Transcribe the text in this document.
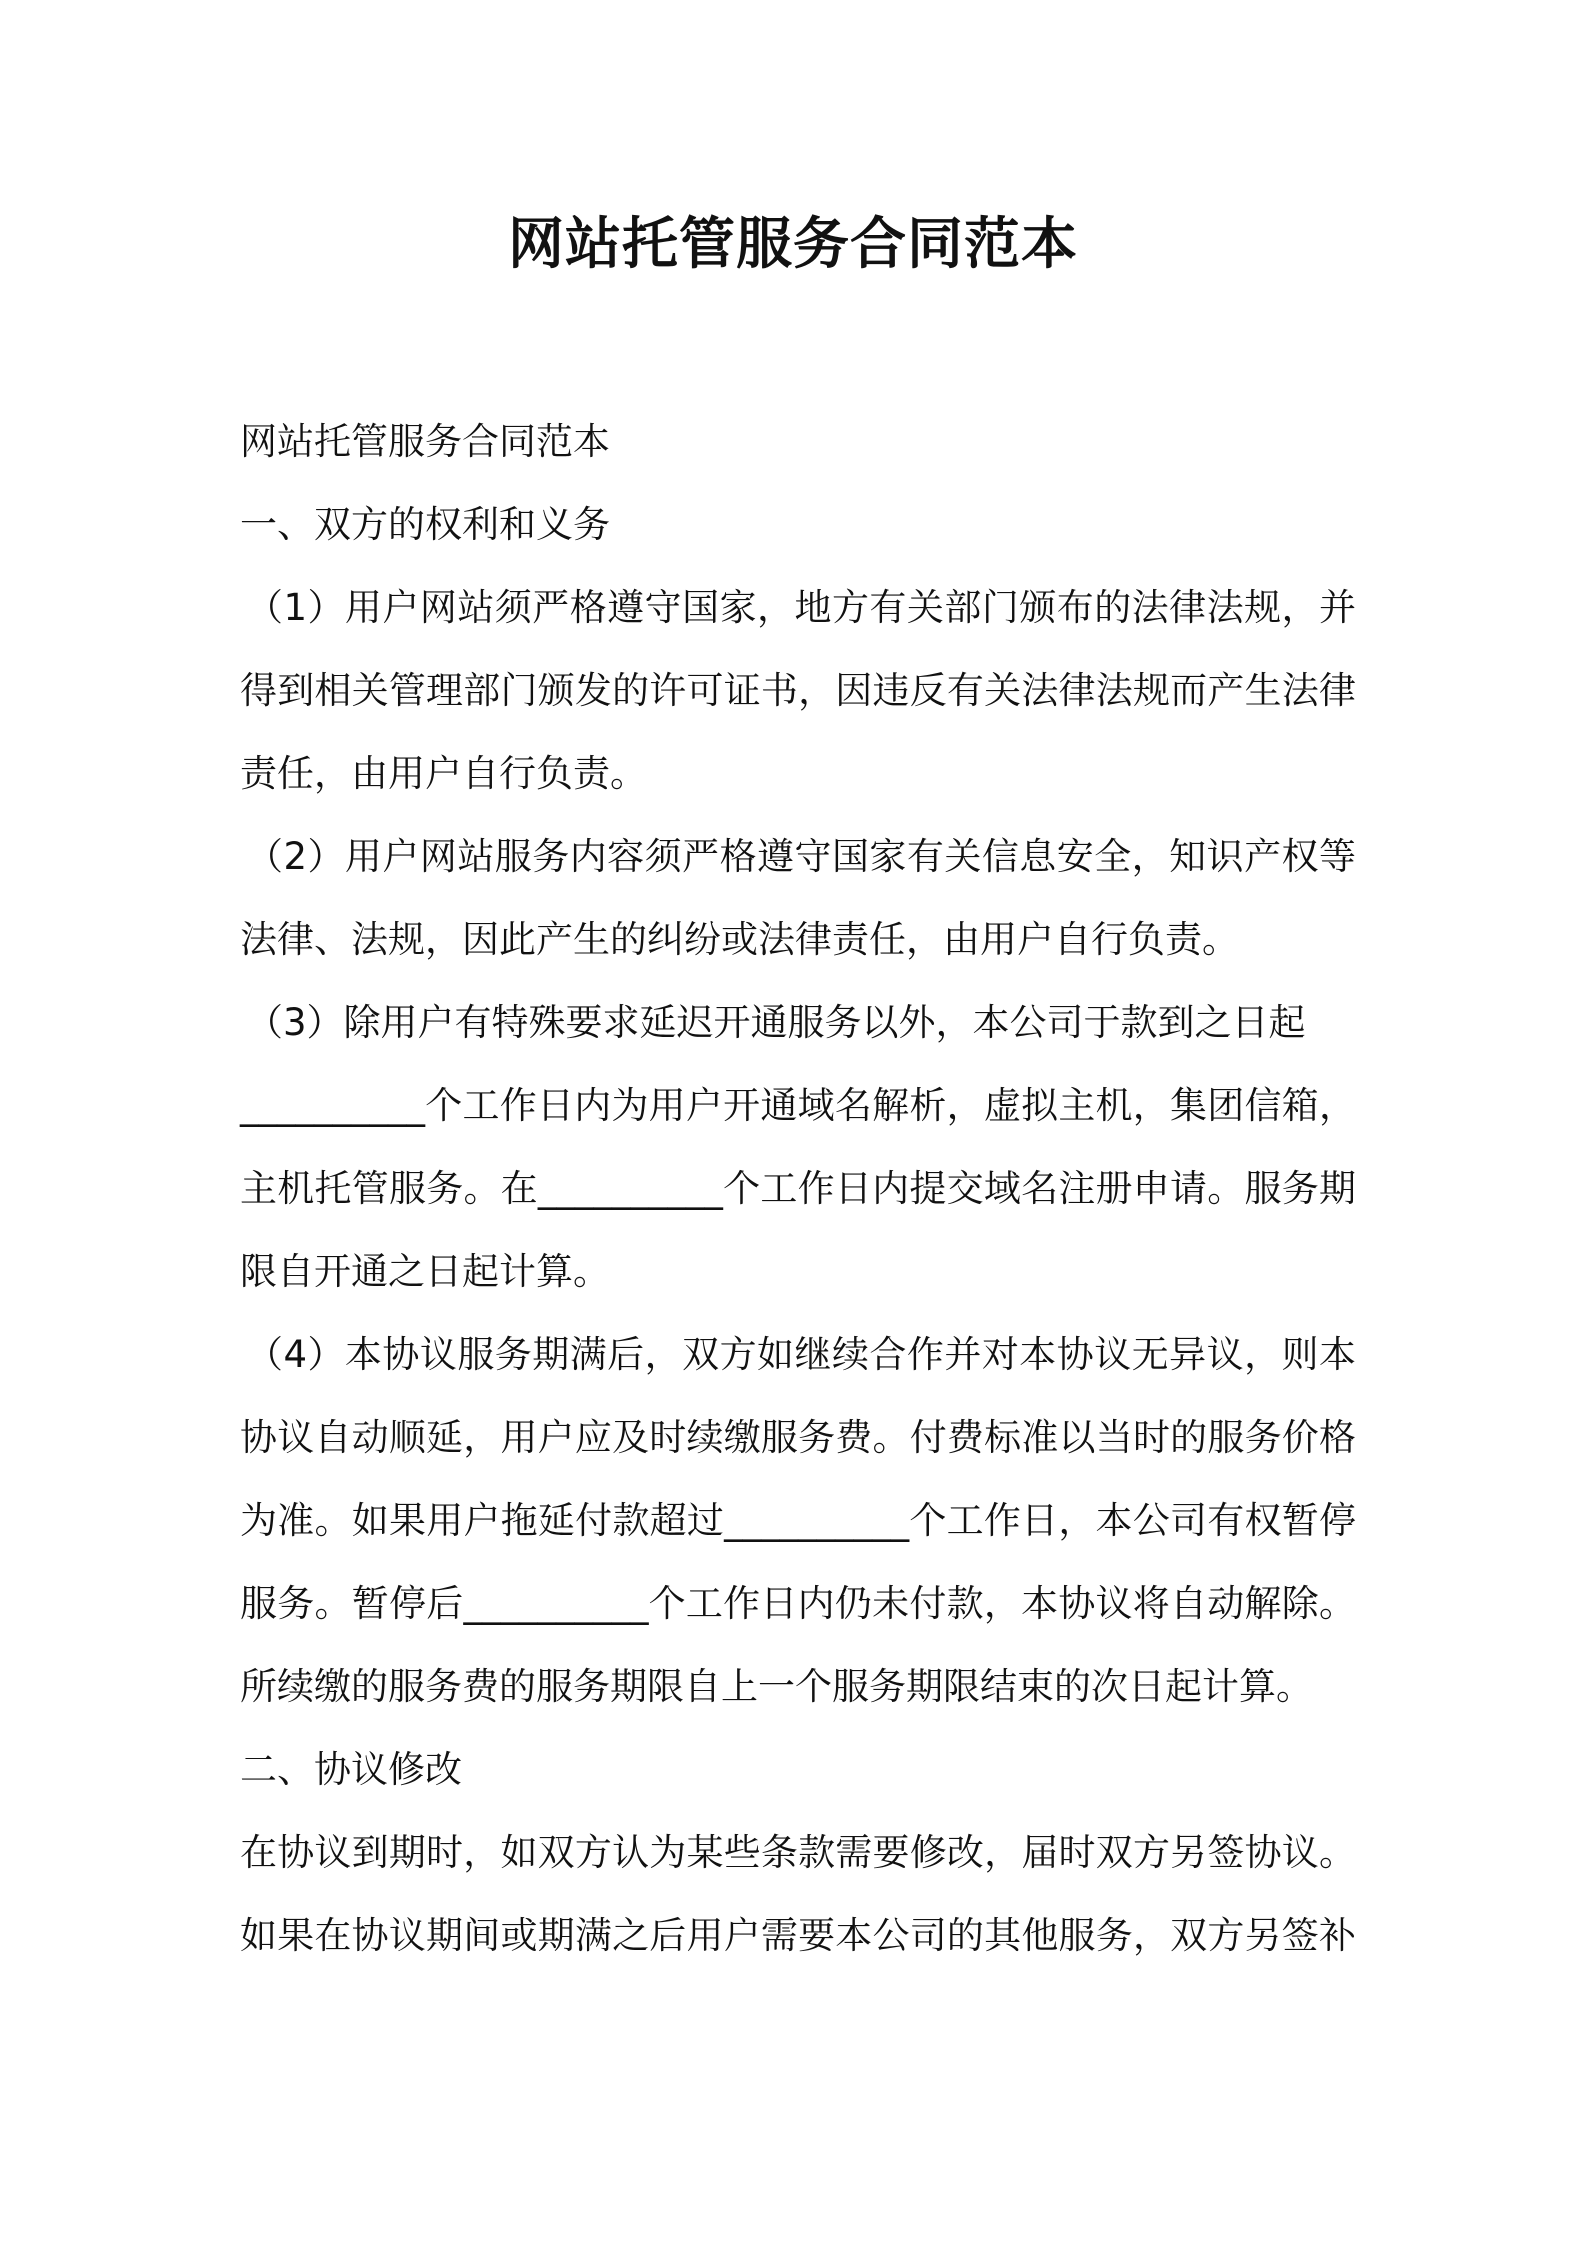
网站托管服务合同范本
网站托管服务合同范本
一、双方的权利和义务
（1）用户网站须严格遵守国家，地方有关部门颁布的法律法规，并
得到相关管理部门颁发的许可证书，因违反有关法律法规而产生法律
责任，由用户自行负责。
（2）用户网站服务内容须严格遵守国家有关信息安全，知识产权等
法律、法规，因此产生的纠纷或法律责任，由用户自行负责。
（3）除用户有特殊要求延迟开通服务以外，本公司于款到之日起
__________个工作日内为用户开通域名解析，虚拟主机，集团信箱，
主机托管服务。在__________个工作日内提交域名注册申请。服务期
限自开通之日起计算。
（4）本协议服务期满后，双方如继续合作并对本协议无异议，则本
协议自动顺延，用户应及时续缴服务费。付费标准以当时的服务价格
为准。如果用户拖延付款超过__________个工作日，本公司有权暂停
服务。暂停后__________个工作日内仍未付款，本协议将自动解除。
所续缴的服务费的服务期限自上一个服务期限结束的次日起计算。
二、协议修改
在协议到期时，如双方认为某些条款需要修改，届时双方另签协议。
如果在协议期间或期满之后用户需要本公司的其他服务，双方另签补
